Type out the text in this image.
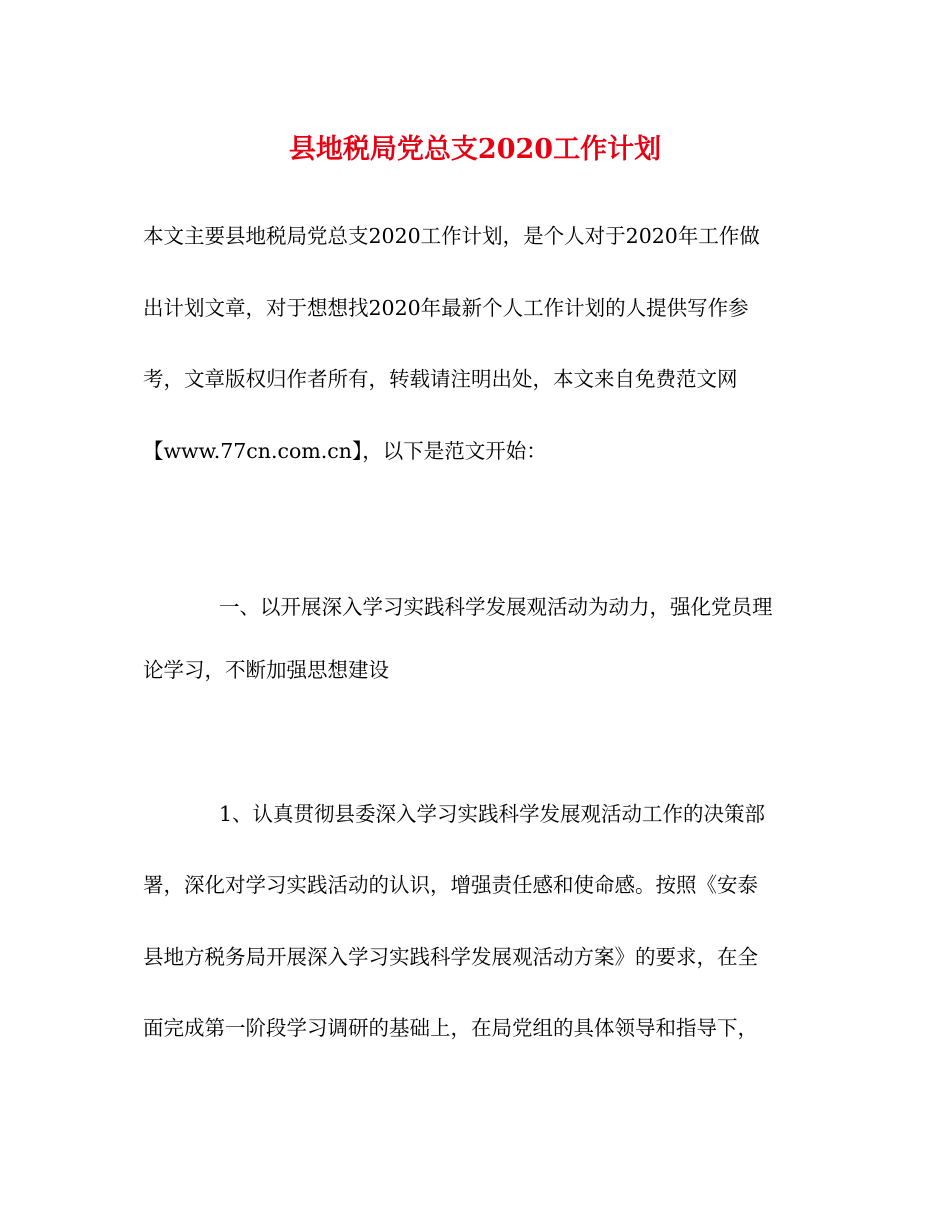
县地税局党总支2020工作计划
本文主要县地税局党总支2020工作计划，是个人对于2020年工作做
出计划文章，对于想想找2020年最新个人工作计划的人提供写作参
考，文章版权归作者所有，转载请注明出处，本文来自免费范文网
【www.77cn.com.cn】，以下是范文开始：
一、以开展深入学习实践科学发展观活动为动力，强化党员理
论学习，不断加强思想建设
1、认真贯彻县委深入学习实践科学发展观活动工作的决策部
署，深化对学习实践活动的认识，增强责任感和使命感。按照《安泰
县地方税务局开展深入学习实践科学发展观活动方案》的要求，在全
面完成第一阶段学习调研的基础上，在局党组的具体领导和指导下，
